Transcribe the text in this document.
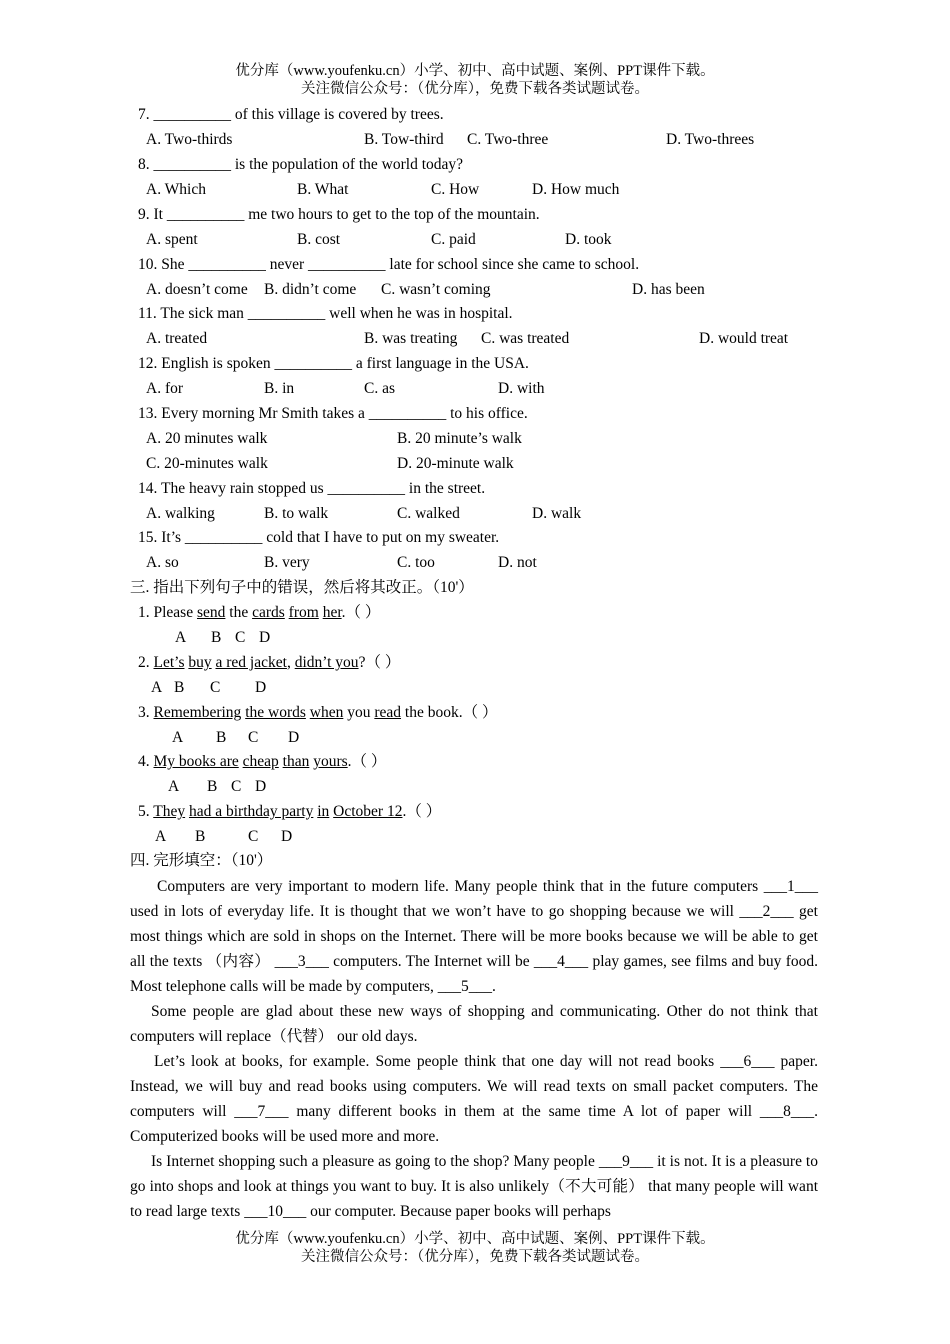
优分库（www.youfenku.cn）小学、初中、高中试题、案例、PPT课件下载。
关注微信公众号：（优分库），免费下载各类试题试卷。
7. __________ of this village is covered by trees.
A. Two-thirds	B. Tow-third C. Two-three	D. Two-threes
8. __________ is the population of the world today?
A. Which	B. What	C. How	D. How much
9. It __________ me two hours to get to the top of the mountain.
A. spent	B. cost	C. paid	D. took
10. She __________ never __________ late for school since she came to school.
A. doesn’t come B. didn’t come C. wasn’t coming	D. has been
11. The sick man __________ well when he was in hospital.
A. treated	B. was treating C. was treated	D. would treat
12. English is spoken __________ a first language in the USA.
A. for	B. in	C. as	D. with
13. Every morning Mr Smith takes a __________ to his office.
A. 20 minutes walk	B. 20 minute’s walk
C. 20-minutes walk	D. 20-minute walk
14. The heavy rain stopped us __________ in the street.
A. walking	B. to walk	C. walked	D. walk
15. It’s __________ cold that I have to put on my sweater.
A. so	B. very	C. too	D. not
三. 指出下列句子中的错误，然后将其改正。（10'）
1. Please send the cards from her.（ ）
A B C D
2. Let’s buy a red jacket, didn’t you?（ ）
A B C D
3. Remembering the words when you read the book.（ ）
A B C D
4. My books are cheap than yours.（ ）
A B C D
5. They had a birthday party in October 12.（ ）
A B	C D
四. 完形填空：（10'）

Computers are very important to modern life. Many people think that in the future computers ___1___ used in lots of everyday life. It is thought that we won’t have to go shopping because we will ___2___ get most things which are sold in shops on the Internet. There will be more books because we will be able to get all the texts （内容） ___3___ computers. The Internet will be ___4___ play games, see films and buy food. Most telephone calls will be made by computers, ___5___.

Some people are glad about these new ways of shopping and communicating. Other do not think that computers will replace（代替） our old days.

Let’s look at books, for example. Some people think that one day will not read books ___6___ paper. Instead, we will buy and read books using computers. We will read texts on small packet computers. The computers will ___7___ many different books in them at the same time A lot of paper will ___8___. Computerized books will be used more and more.

Is Internet shopping such a pleasure as going to the shop? Many people ___9___ it is not. It is a pleasure to go into shops and look at things you want to buy. It is also unlikely（不大可能） that many people will want to read large texts ___10___ our computer. Because paper books will perhaps

优分库（www.youfenku.cn）小学、初中、高中试题、案例、PPT课件下载。
关注微信公众号：（优分库），免费下载各类试题试卷。
